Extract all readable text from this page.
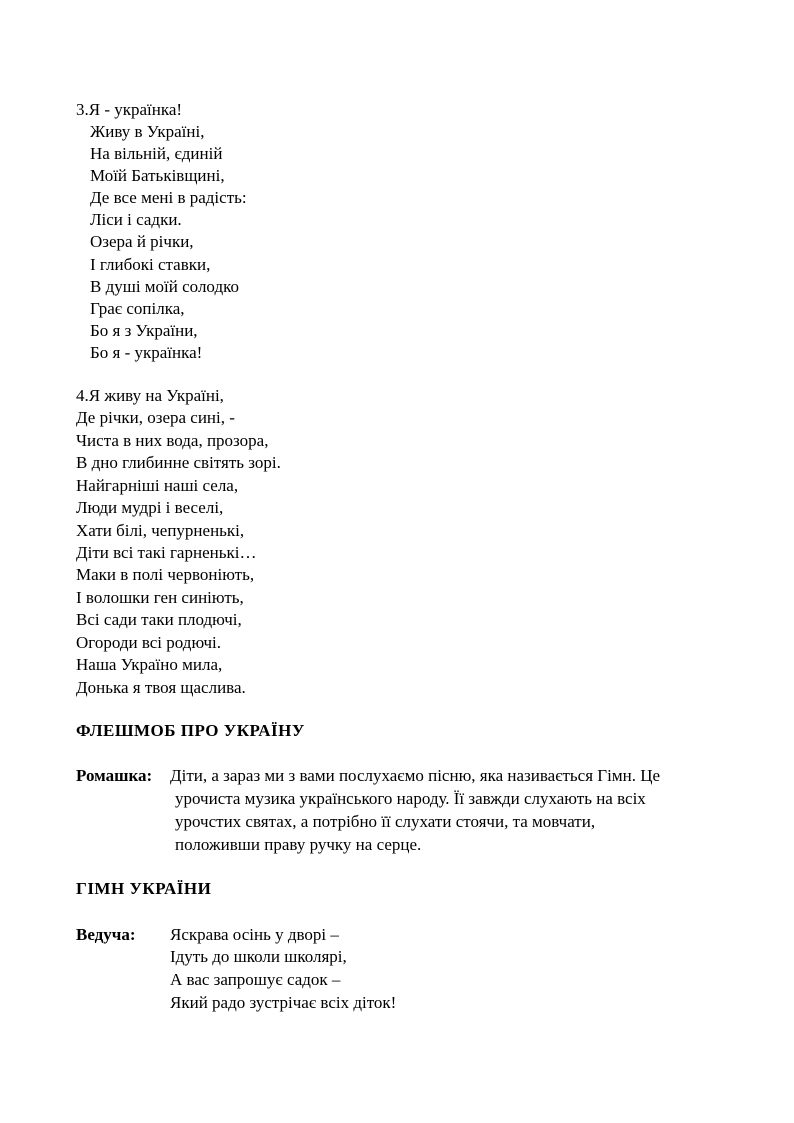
3.Я - українка!
Живу в Україні,
На вільній, єдиній
Моїй Батьківщині,
Де все мені в радість:
Ліси і садки.
Озера й річки,
І глибокі ставки,
В душі моїй солодко
Грає сопілка,
Бо я з України,
Бо я - українка!
4.Я живу на Україні,
Де річки, озера сині, -
Чиста в них вода, прозора,
В дно глибинне світять зорі.
Найгарніші наші села,
Люди мудрі і веселі,
Хати білі, чепурненькі,
Діти всі такі гарненькі…
Маки в полі червоніють,
І волошки ген синіють,
Всі сади таки плодючі,
Огороди всі родючі.
Наша Україно мила,
Донька я твоя щаслива.
ФЛЕШМОБ ПРО УКРАЇНУ
Ромашка: Діти, а зараз ми з вами послухаємо пісню, яка називається Гімн. Це
урочиста музика українського народу. Її завжди слухають на всіх
урочстих святах, а потрібно її слухати стоячи, та мовчати,
положивши праву ручку на серце.
ГІМН УКРАЇНИ
Ведуча: Яскрава осінь у дворі –
Ідуть до школи школярі,
А вас запрошує садок –
Який радо зустрічає всіх діток!
